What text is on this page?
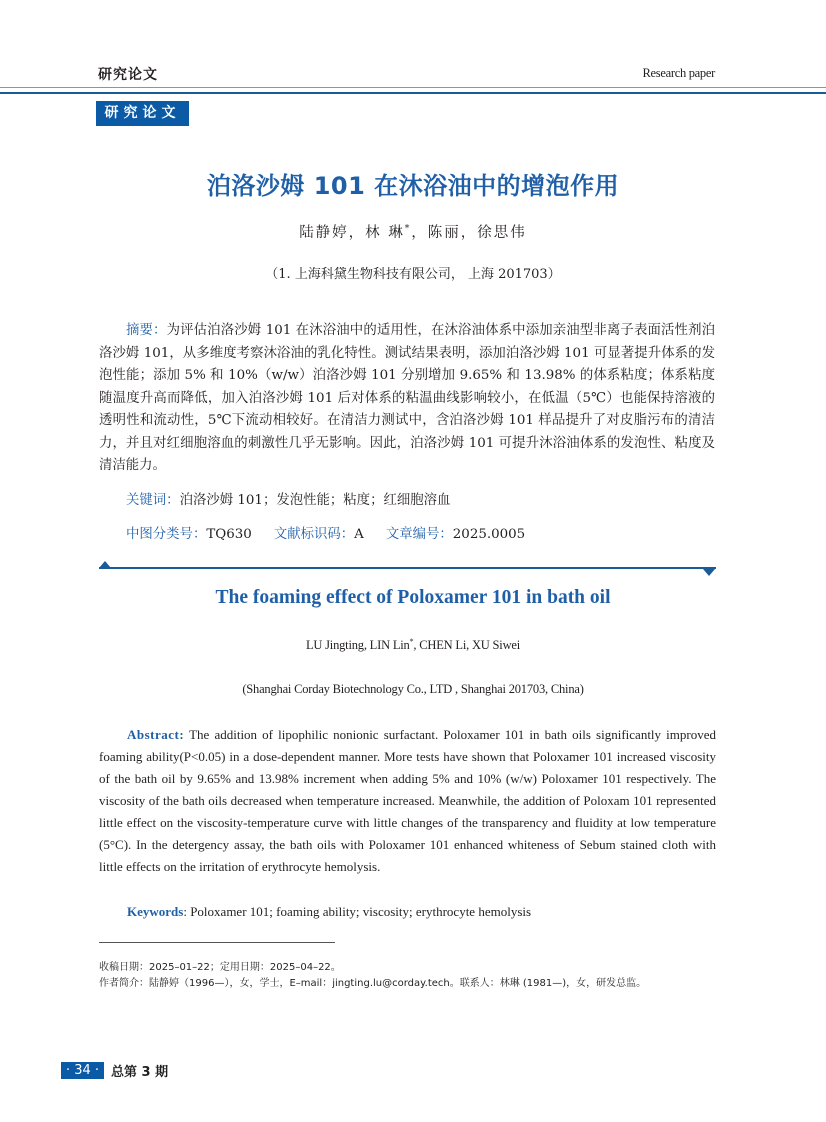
研究论文	Research paper
研究论文
泊洛沙姆 101 在沐浴油中的增泡作用
陆静婷，林 琳*，陈丽，徐思伟
（1. 上海科黛生物科技有限公司， 上海 201703）
摘要：为评估泊洛沙姆 101 在沐浴油中的适用性，在沐浴油体系中添加亲油型非离子表面活性剂泊洛沙姆 101，从多维度考察沐浴油的乳化特性。测试结果表明，添加泊洛沙姆 101 可显著提升体系的发泡性能；添加 5% 和 10%（w/w）泊洛沙姆 101 分别增加 9.65% 和 13.98% 的体系粘度；体系粘度随温度升高而降低，加入泊洛沙姆 101 后对体系的粘温曲线影响较小，在低温（5℃）也能保持溶液的透明性和流动性，5℃下流动相较好。在清洁力测试中，含泊洛沙姆 101 样品提升了对皮脂污布的清洁力，并且对红细胞溶血的刺激性几乎无影响。因此，泊洛沙姆 101 可提升沐浴油体系的发泡性、粘度及清洁能力。
关键词：泊洛沙姆 101；发泡性能；粘度；红细胞溶血
中图分类号：TQ630 文献标识码：A 文章编号：2025.0005
The foaming effect of Poloxamer 101 in bath oil
LU Jingting, LIN Lin*, CHEN Li, XU Siwei
(Shanghai Corday Biotechnology Co., LTD , Shanghai 201703, China)
Abstract: The addition of lipophilic nonionic surfactant. Poloxamer 101 in bath oils significantly improved foaming ability(P<0.05) in a dose-dependent manner. More tests have shown that Poloxamer 101 increased viscosity of the bath oil by 9.65% and 13.98% increment when adding 5% and 10% (w/w) Poloxamer 101 respectively. The viscosity of the bath oils decreased when temperature increased. Meanwhile, the addition of Poloxam 101 represented little effect on the viscosity-temperature curve with little changes of the transparency and fluidity at low temperature (5°C). In the detergency assay, the bath oils with Poloxamer 101 enhanced whiteness of Sebum stained cloth with little effects on the irritation of erythrocyte hemolysis.
Keywords: Poloxamer 101; foaming ability; viscosity; erythrocyte hemolysis
收稿日期：2025–01–22；定用日期：2025–04–22。
作者简介：陆静婷（1996—），女，学士，E–mail：jingting.lu@corday.tech。联系人：林琳 (1981—)，女，研发总监。
· 34 · 总第 3 期
